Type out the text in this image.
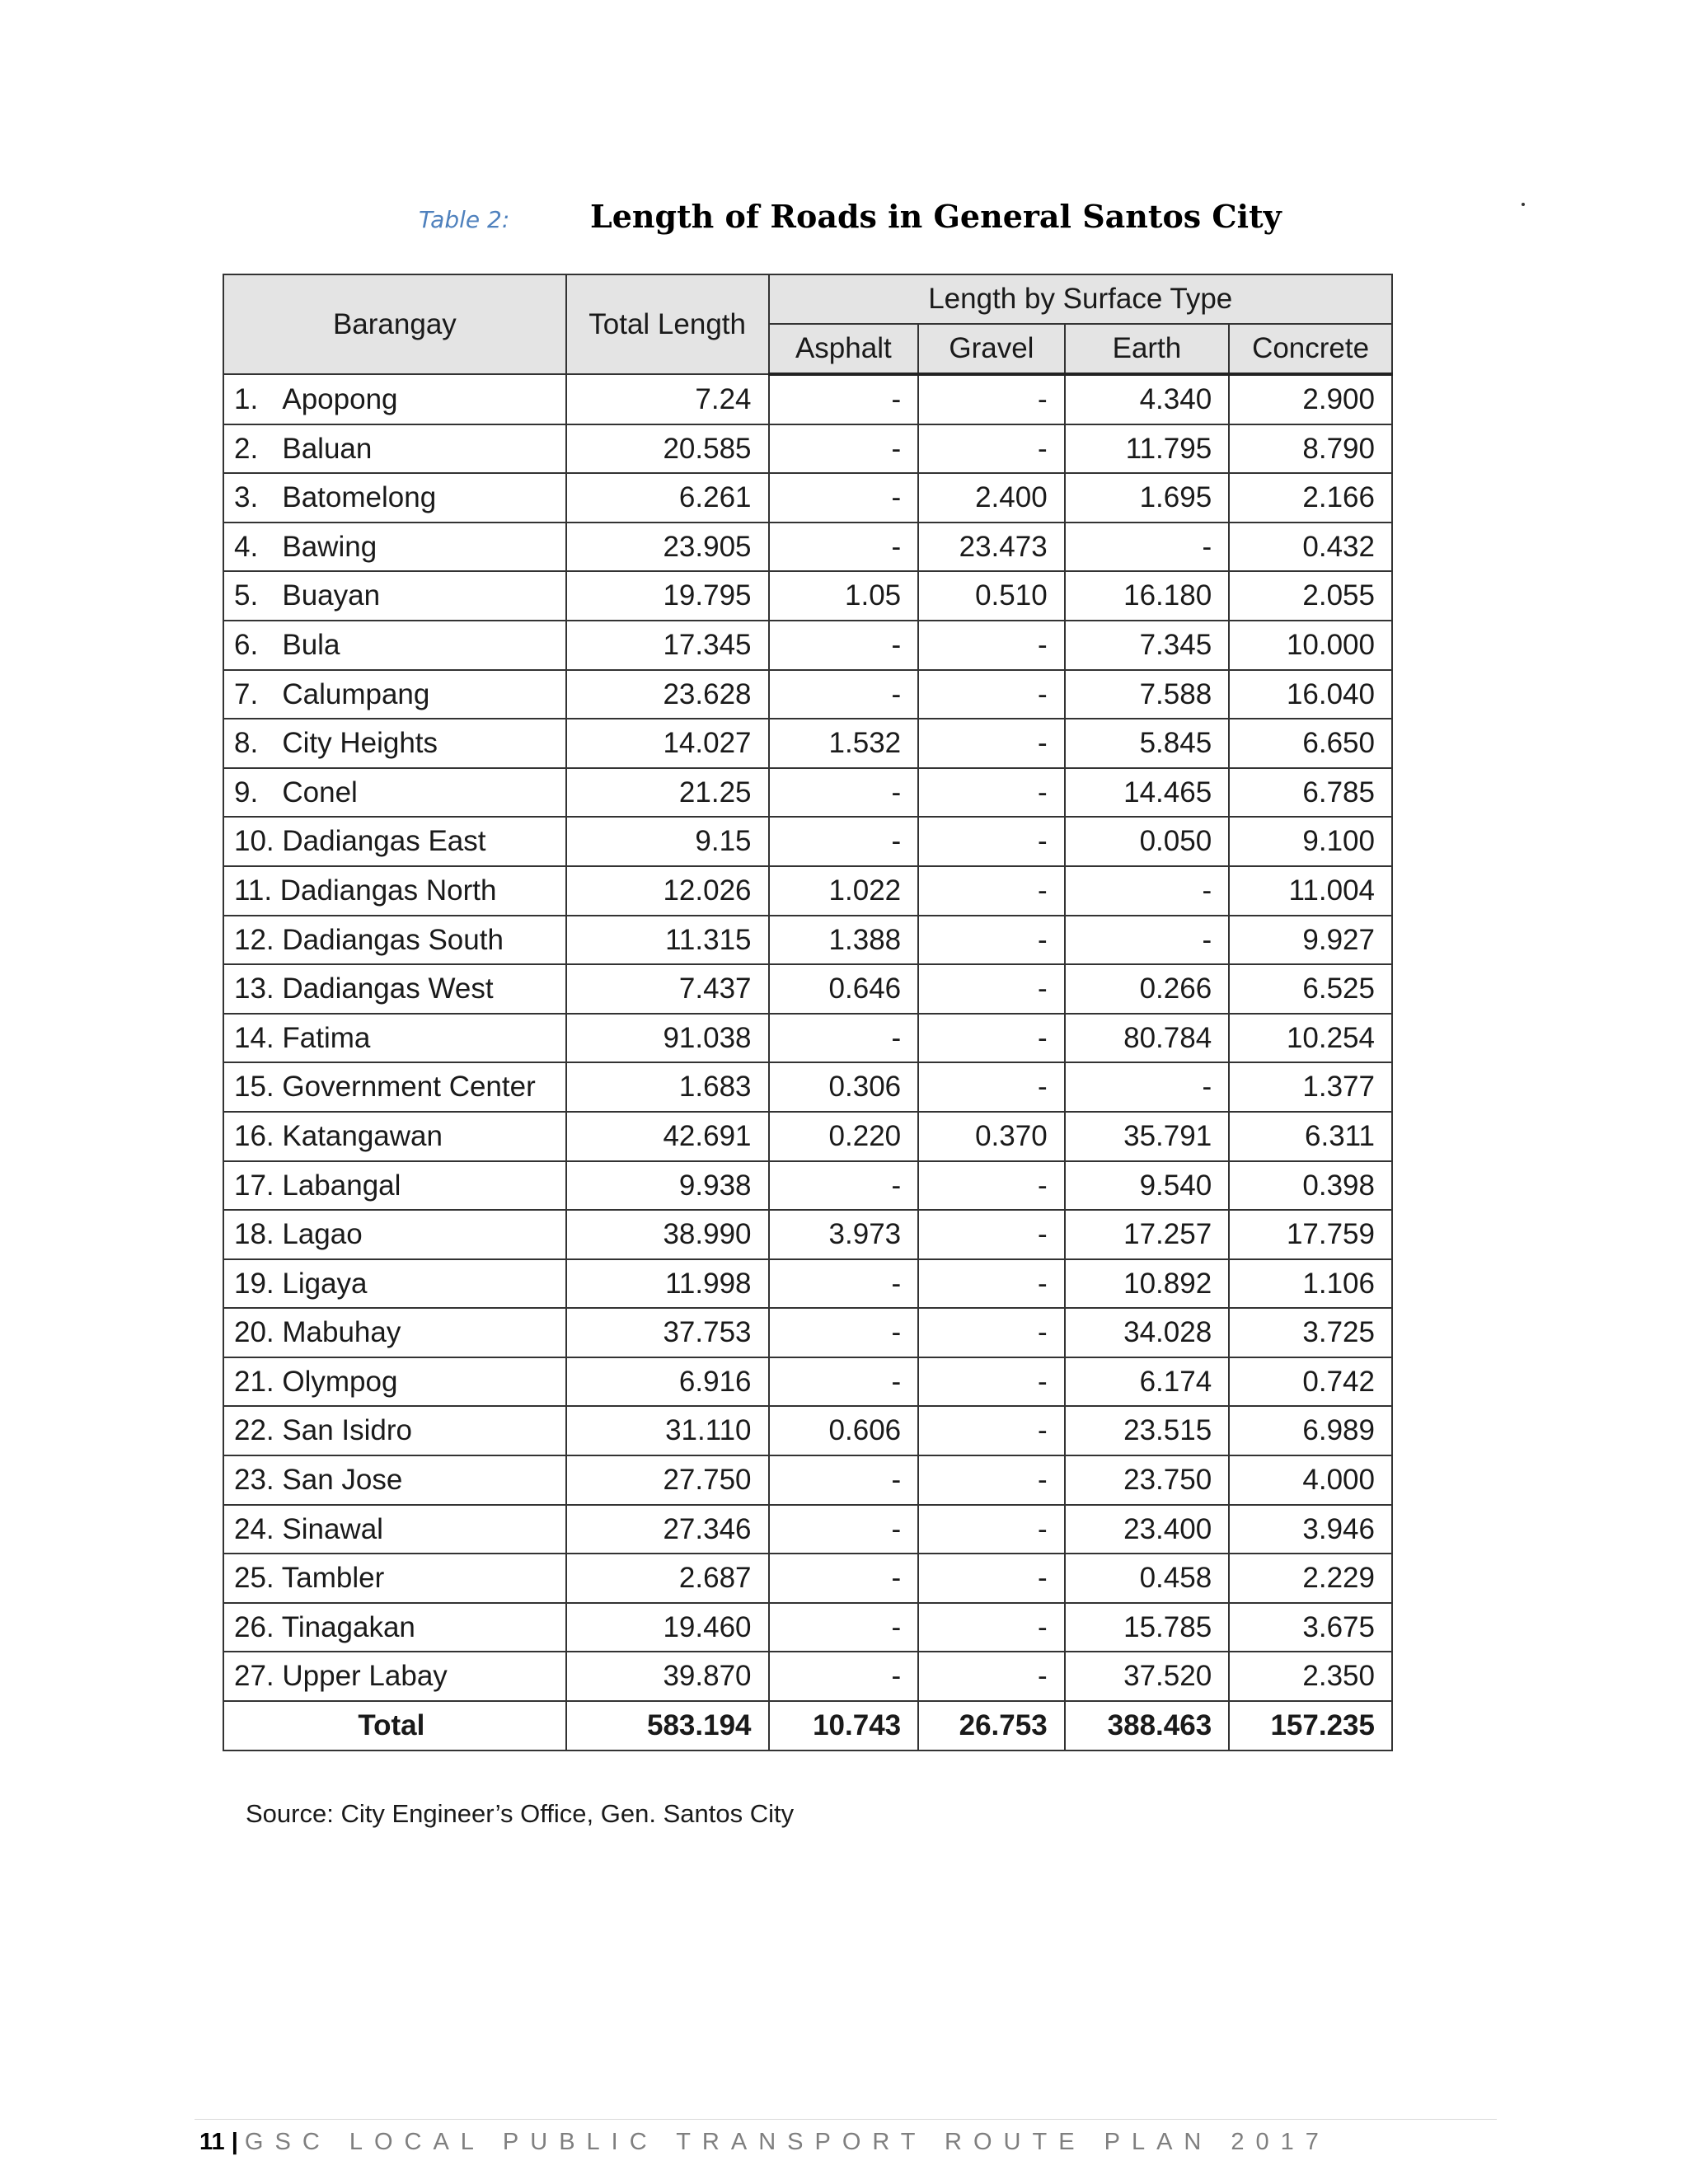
Table 2:	Length of Roads in General Santos City
Barangay	Total Length	Length by Surface Type			
		Asphalt	Gravel	Earth	Concrete
1.   Apopong	7.24	-	-	4.340	2.900
2.   Baluan	20.585	-	-	11.795	8.790
3.   Batomelong	6.261	-	2.400	1.695	2.166
4.   Bawing	23.905	-	23.473	-	0.432
5.   Buayan	19.795	1.05	0.510	16.180	2.055
6.   Bula	17.345	-	-	7.345	10.000
7.   Calumpang	23.628	-	-	7.588	16.040
8.   City Heights	14.027	1.532	-	5.845	6.650
9.   Conel	21.25	-	-	14.465	6.785
10. Dadiangas East	9.15	-	-	0.050	9.100
11. Dadiangas North	12.026	1.022	-	-	11.004
12. Dadiangas South	11.315	1.388	-	-	9.927
13. Dadiangas West	7.437	0.646	-	0.266	6.525
14. Fatima	91.038	-	-	80.784	10.254
15. Government Center	1.683	0.306	-	-	1.377
16. Katangawan	42.691	0.220	0.370	35.791	6.311
17. Labangal	9.938	-	-	9.540	0.398
18. Lagao	38.990	3.973	-	17.257	17.759
19. Ligaya	11.998	-	-	10.892	1.106
20. Mabuhay	37.753	-	-	34.028	3.725
21. Olympog	6.916	-	-	6.174	0.742
22. San Isidro	31.110	0.606	-	23.515	6.989
23. San Jose	27.750	-	-	23.750	4.000
24. Sinawal	27.346	-	-	23.400	3.946
25. Tambler	2.687	-	-	0.458	2.229
26. Tinagakan	19.460	-	-	15.785	3.675
27. Upper Labay	39.870	-	-	37.520	2.350
Total	583.194	10.743	26.753	388.463	157.235
Source: City Engineer’s Office, Gen. Santos City
11 | GSC LOCAL PUBLIC TRANSPORT ROUTE PLAN 2017
